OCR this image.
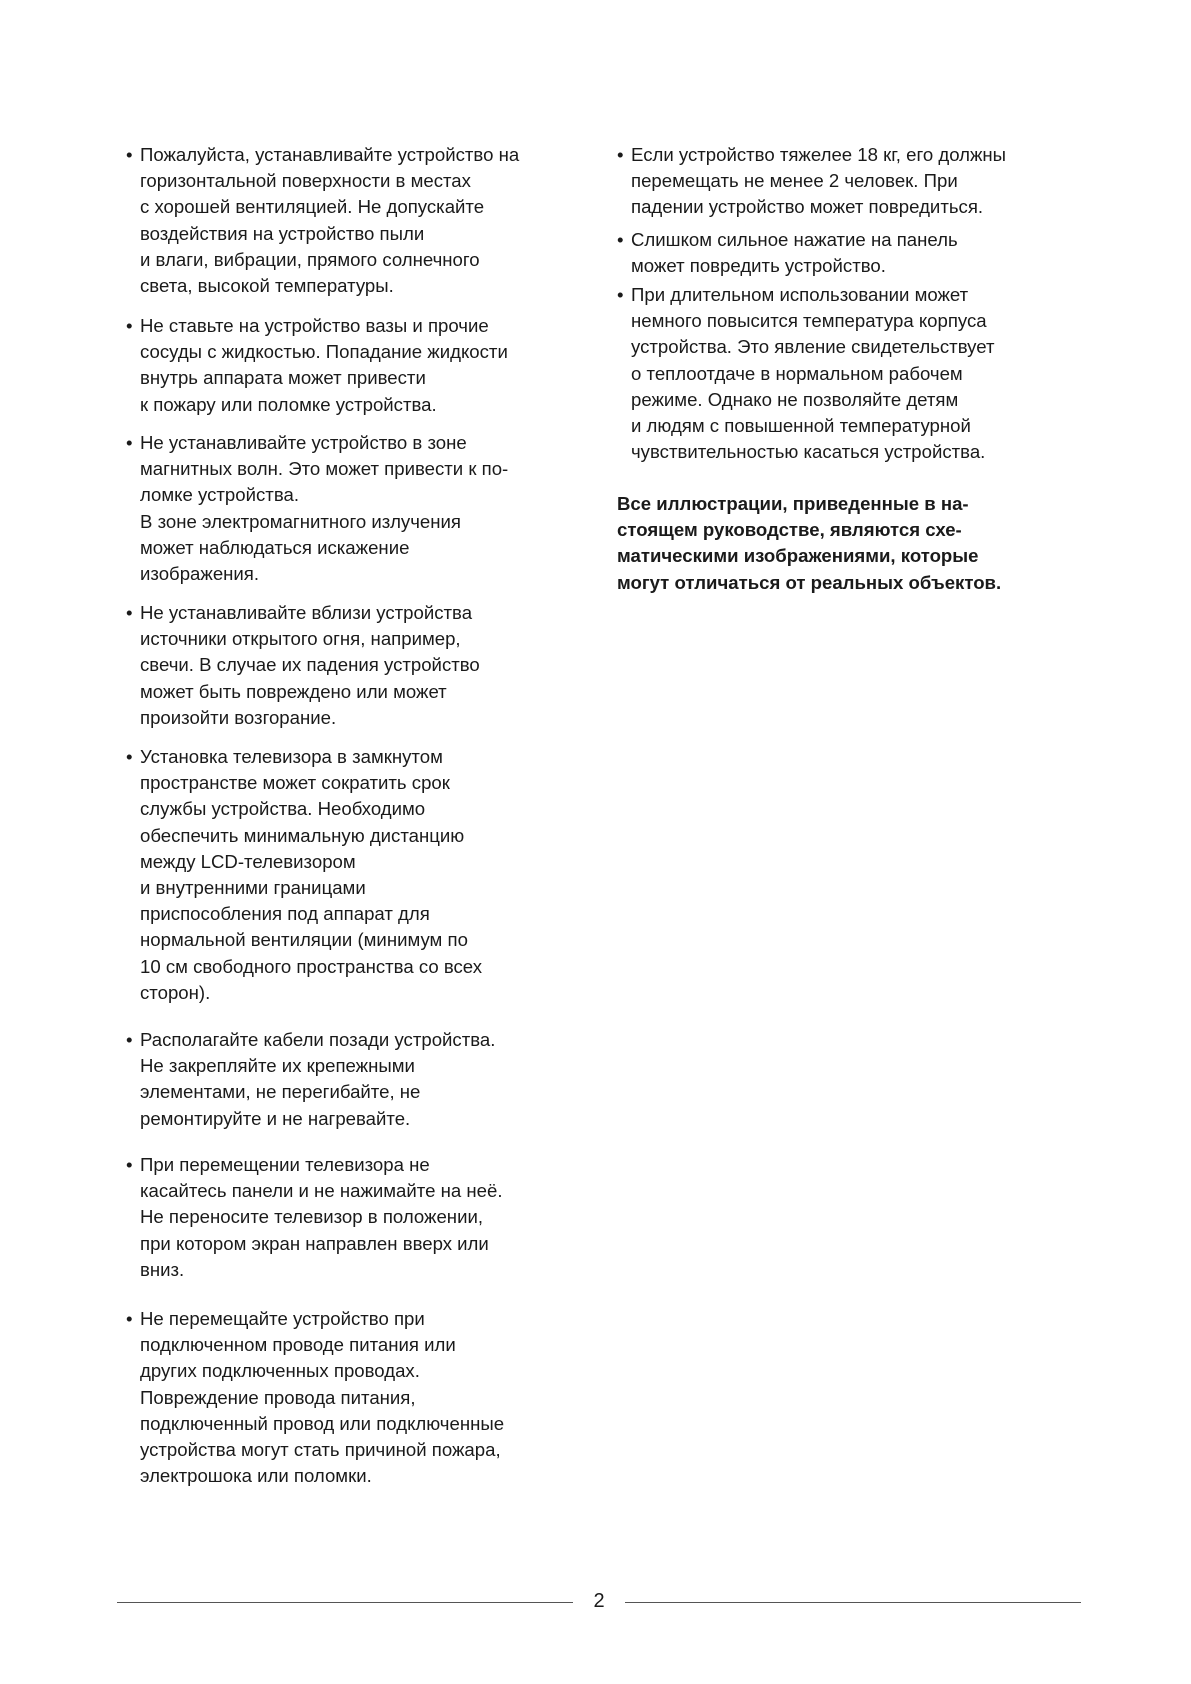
• Пожалуйста, устанавливайте устройство на
горизонтальной поверхности в местах
с хорошей вентиляцией. Не допускайте
воздействия на устройство пыли
и влаги, вибрации, прямого солнечного
света, высокой температуры.
• Не ставьте на устройство вазы и прочие
сосуды с жидкостью. Попадание жидкости
внутрь аппарата может привести
к пожару или поломке устройства.
• Не устанавливайте устройство в зоне
магнитных волн. Это может привести к по-
ломке устройства.
В зоне электромагнитного излучения
может наблюдаться искажение
изображения.
• Не устанавливайте вблизи устройства
источники открытого огня, например,
свечи. В случае их падения устройство
может быть повреждено или может
произойти возгорание.
• Установка телевизора в замкнутом
пространстве может сократить срок
службы устройства. Необходимо
обеспечить минимальную дистанцию
между LCD-телевизором
и внутренними границами
приспособления под аппарат для
нормальной вентиляции (минимум по
10 см свободного пространства со всех
сторон).
• Располагайте кабели позади устройства.
Не закрепляйте их крепежными
элементами, не перегибайте, не
ремонтируйте и не нагревайте.
• При перемещении телевизора не
касайтесь панели и не нажимайте на неё.
Не переносите телевизор в положении,
при котором экран направлен вверх или
вниз.
• Не перемещайте устройство при
подключенном проводе питания или
других подключенных проводах.
Повреждение провода питания,
подключенный провод или подключенные
устройства могут стать причиной пожара,
электрошока или поломки.
• Если устройство тяжелее 18 кг, его должны
перемещать не менее 2 человек. При
падении устройство может повредиться.
• Слишком сильное нажатие на панель
может повредить устройство.
• При длительном использовании может
немного повысится температура корпуса
устройства. Это явление свидетельствует
о теплоотдаче в нормальном рабочем
режиме. Однако не позволяйте детям
и людям с повышенной температурной
чувствительностью касаться устройства.
Все иллюстрации, приведенные в на-
стоящем руководстве, являются схе-
матическими изображениями, которые
могут отличаться от реальных объектов.
2
